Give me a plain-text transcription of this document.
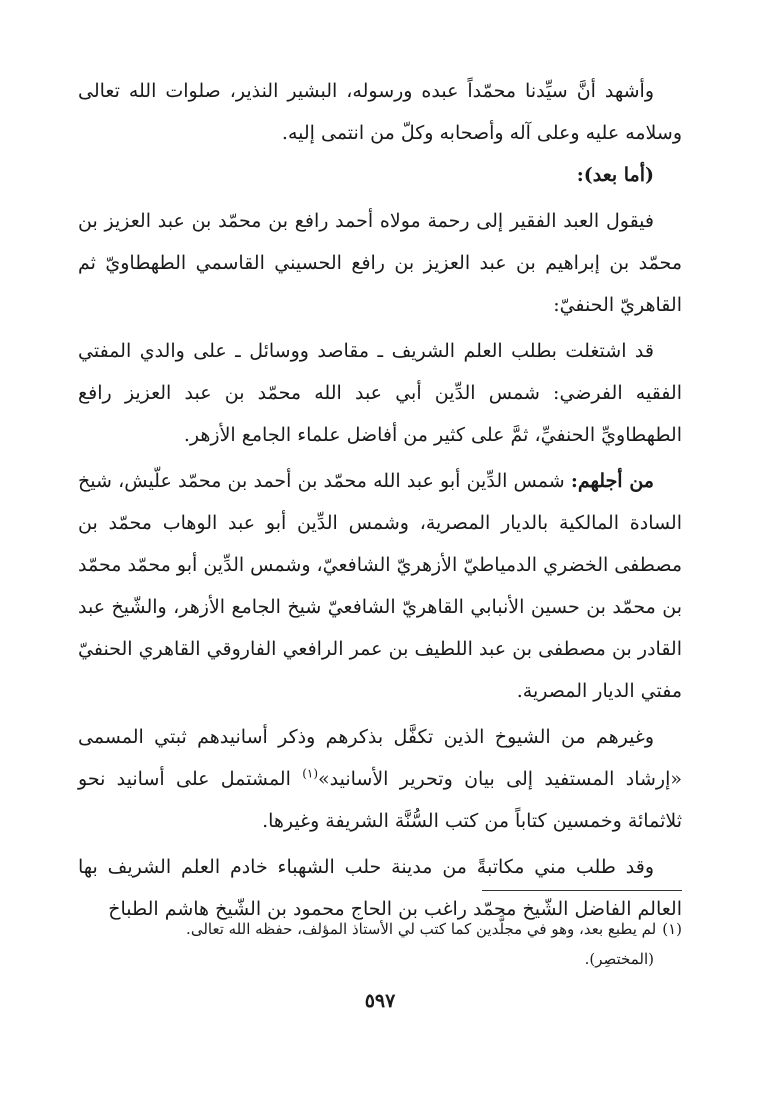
وأشهد أنَّ سيِّدنا محمّداً عبده ورسوله، البشير النذير، صلوات الله تعالى وسلامه عليه وعلى آله وأصحابه وكلّ من انتمى إليه.

(أما بعد):

فيقول العبد الفقير إلى رحمة مولاه أحمد رافع بن محمّد بن عبد العزيز بن محمّد بن إبراهيم بن عبد العزيز بن رافع الحسيني القاسمي الطهطاويّ ثم القاهريّ الحنفيّ:

قد اشتغلت بطلب العلم الشريف ـ مقاصد ووسائل ـ على والدي المفتي الفقيه الفرضي: شمس الدِّين أبي عبد الله محمّد بن عبد العزيز رافع الطهطاويِّ الحنفيِّ، ثمَّ على كثير من أفاضل علماء الجامع الأزهر.

من أجلهم: شمس الدِّين أبو عبد الله محمّد بن أحمد بن محمّد علّيش، شيخ السادة المالكية بالديار المصرية، وشمس الدِّين أبو عبد الوهاب محمّد بن مصطفى الخضري الدمياطيّ الأزهريّ الشافعيّ، وشمس الدِّين أبو محمّد محمّد بن محمّد بن حسين الأنبابي القاهريّ الشافعيّ شيخ الجامع الأزهر، والشّيخ عبد القادر بن مصطفى بن عبد اللطيف بن عمر الرافعي الفاروقي القاهري الحنفيّ مفتي الديار المصرية.

وغيرهم من الشيوخ الذين تكفَّل بذكرهم وذكر أسانيدهم ثبتي المسمى «إرشاد المستفيد إلى بيان وتحرير الأسانيد»$^{(١)}$ المشتمل على أسانيد نحو ثلاثمائة وخمسين كتاباً من كتب السُّنَّة الشريفة وغيرها.

وقد طلب مني مكاتبةً من مدينة حلب الشهباء خادم العلم الشريف بها العالم الفاضل الشّيخ محمّد راغب بن الحاج محمود بن الشّيخ هاشم الطباخ

(١)لم يطبع بعد، وهو في مجلَّدين كما كتب لي الأستاذ المؤلف، حفظه الله تعالى.
(المختصِر).

٥٩٧
